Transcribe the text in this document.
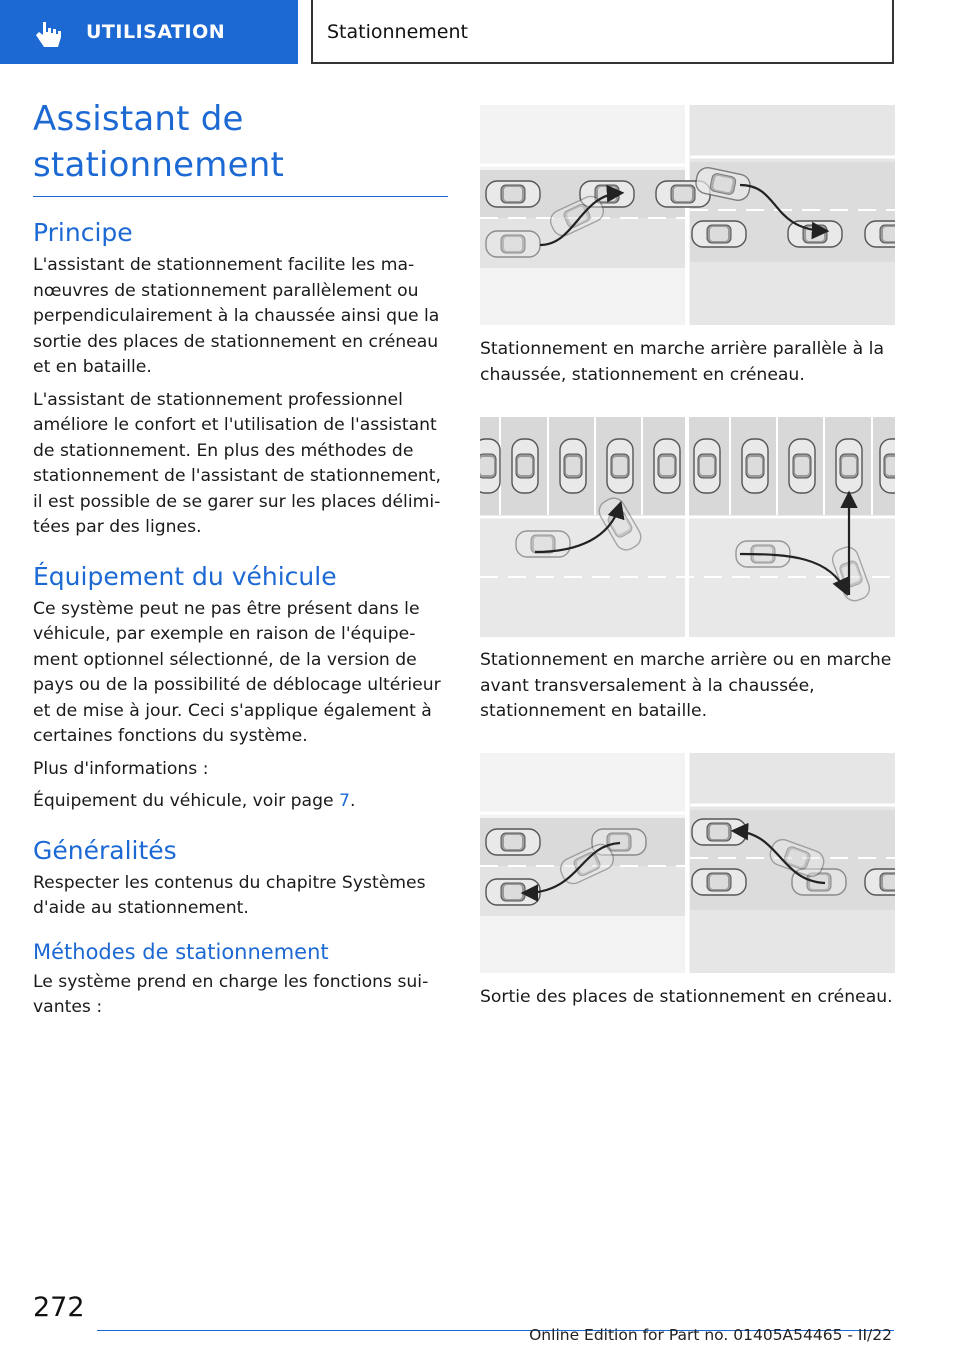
UTILISATION	Stationnement
Assistant de stationnement
Principe

L'assistant de stationnement facilite les manœuvres de stationnement parallèlement ou perpendiculairement à la chaussée ainsi que la sortie des places de stationnement en créneau et en bataille.

L'assistant de stationnement professionnel améliore le confort et l'utilisation de l'assistant de stationnement. En plus des méthodes de stationnement de l'assistant de stationnement, il est possible de se garer sur les places délimitées par des lignes.

Équipement du véhicule

Ce système peut ne pas être présent dans le véhicule, par exemple en raison de l'équipement optionnel sélectionné, de la version de pays ou de la possibilité de déblocage ultérieur et de mise à jour. Ceci s'applique également à certaines fonctions du système.

Plus d'informations :

Équipement du véhicule, voir page 7.

Généralités

Respecter les contenus du chapitre Systèmes d'aide au stationnement.

Méthodes de stationnement

Le système prend en charge les fonctions suivantes :

Stationnement en marche arrière parallèle à la chaussée, stationnement en créneau.
Stationnement en marche arrière ou en marche avant transversalement à la chaussée, stationnement en bataille.
Sortie des places de stationnement en créneau.
272
Online Edition for Part no. 01405A54465 - II/22
